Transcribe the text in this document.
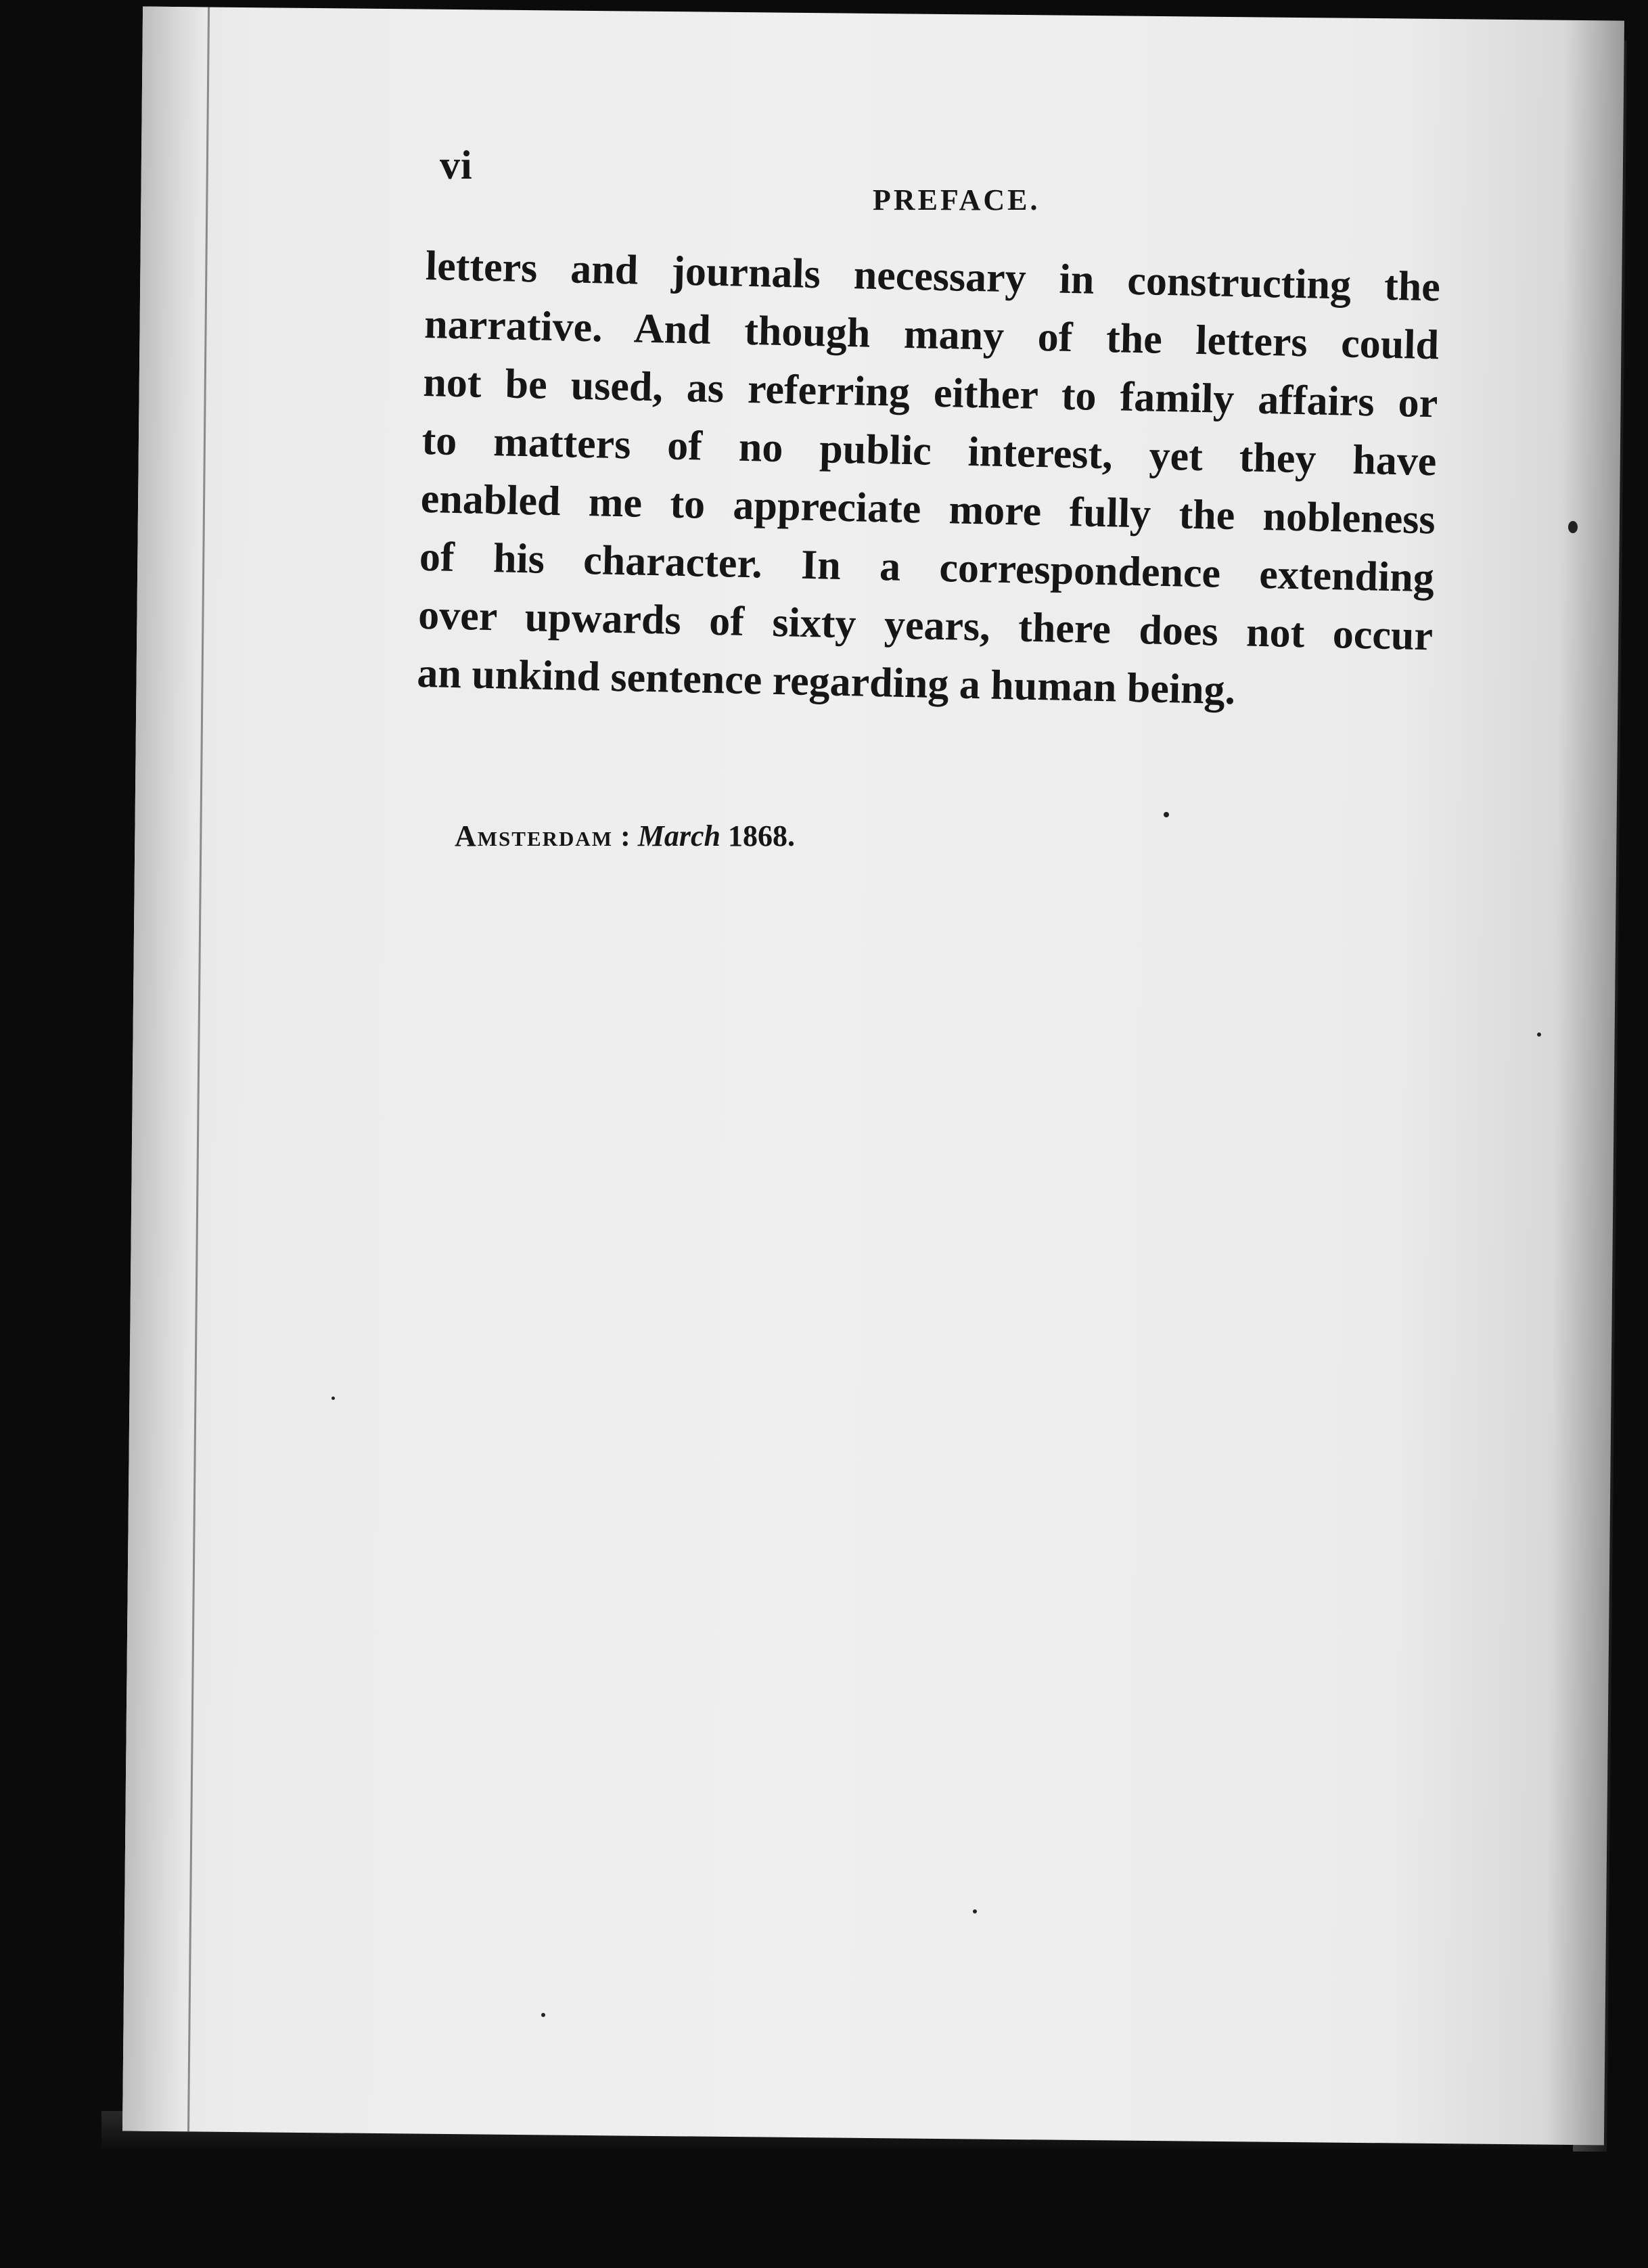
vi
PREFACE.
letters and journals necessary in constructing the
narrative. And though many of the letters could
not be used, as referring either to family affairs or
to matters of no public interest, yet they have
enabled me to appreciate more fully the nobleness
of his character. In a correspondence extending
over upwards of sixty years, there does not occur
an unkind sentence regarding a human being.
Amsterdam : March 1868.
